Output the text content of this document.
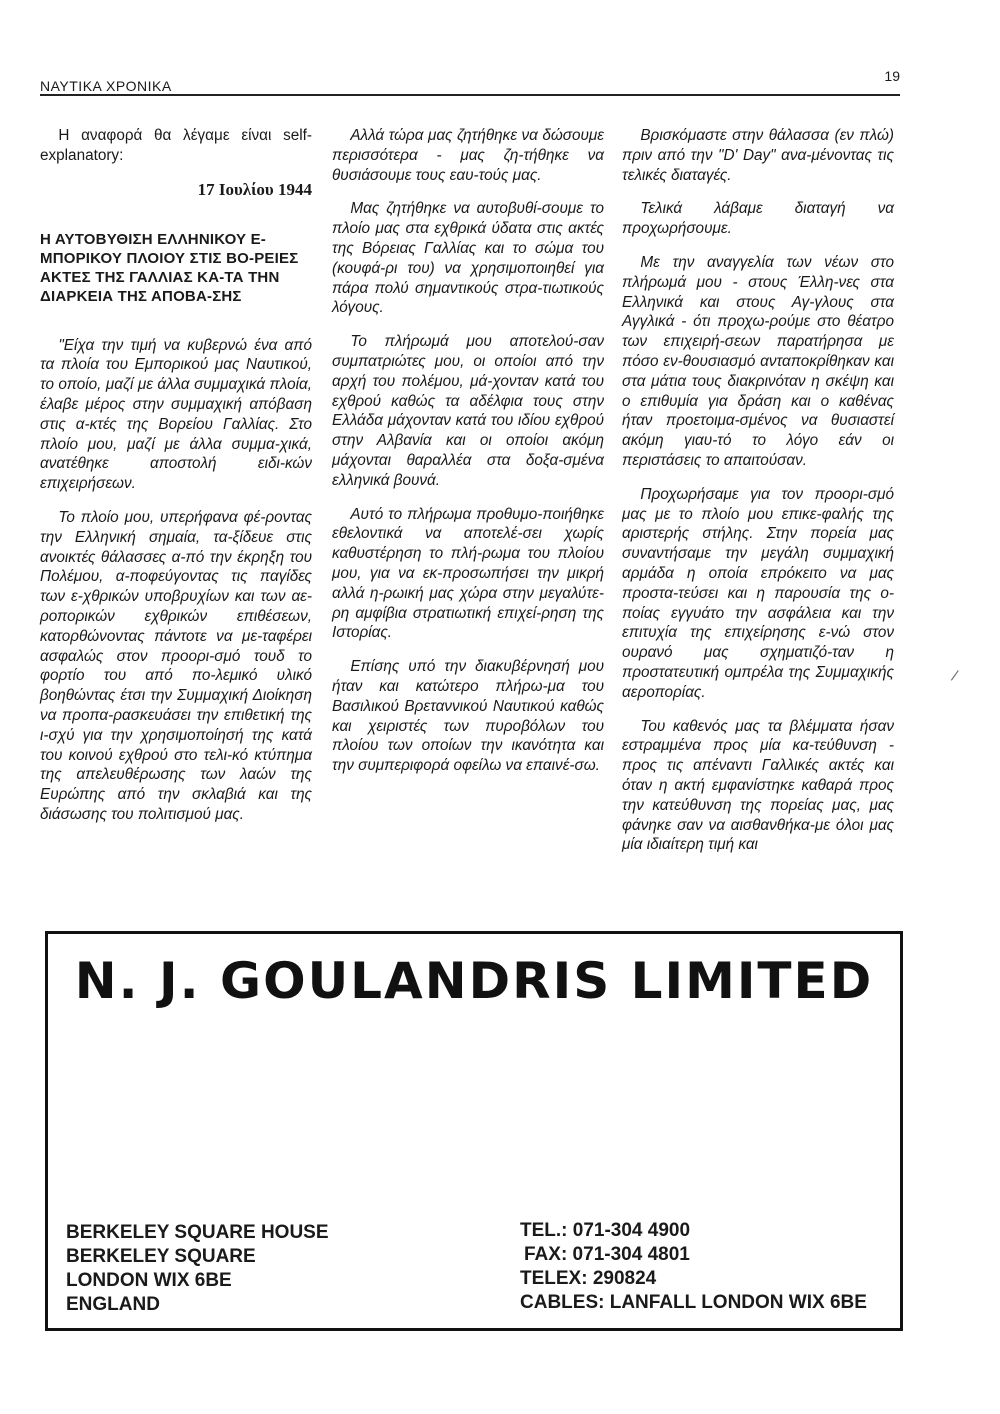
ΝΑΥΤΙΚΑ ΧΡΟΝΙΚΑ
19

Η αναφορά θα λέγαμε είναι self-explanatory:

17 Ιουλίου 1944
Η ΑΥΤΟΒΥΘΙΣΗ ΕΛΛΗΝΙΚΟΥ Ε-ΜΠΟΡΙΚΟΥ ΠΛΟΙΟΥ ΣΤΙΣ ΒΟ-ΡΕΙΕΣ ΑΚΤΕΣ ΤΗΣ ΓΑΛΛΙΑΣ ΚΑ-ΤΑ ΤΗΝ ΔΙΑΡΚΕΙΑ ΤΗΣ ΑΠΟΒΑ-ΣΗΣ

"Είχα την τιμή να κυβερνώ ένα από τα πλοία του Εμπορικού μας Ναυτικού, το οποίο, μαζί με άλλα συμμαχικά πλοία, έλαβε μέρος στην συμμαχική απόβαση στις α-κτές της Βορείου Γαλλίας. Στο πλοίο μου, μαζί με άλλα συμμα-χικά, ανατέθηκε αποστολή ειδι-κών επιχειρήσεων.

Το πλοίο μου, υπερήφανα φέ-ροντας την Ελληνική σημαία, τα-ξίδευε στις ανοικτές θάλασσες α-πό την έκρηξη του Πολέμου, α-ποφεύγοντας τις παγίδες των ε-χθρικών υποβρυχίων και των αε-ροπορικών εχθρικών επιθέσεων, κατορθώνοντας πάντοτε να με-ταφέρει ασφαλώς στον προορι-σμό τουδ το φορτίο του από πο-λεμικό υλικό βοηθώντας έτσι την Συμμαχική Διοίκηση να προπα-ρασκευάσει την επιθετική της ι-σχύ για την χρησιμοποίησή της κατά του κοινού εχθρού στο τελι-κό κτύπημα της απελευθέρωσης των λαών της Ευρώπης από την σκλαβιά και της διάσωσης του πολιτισμού μας.

Αλλά τώρα μας ζητήθηκε να δώσουμε περισσότερα - μας ζη-τήθηκε να θυσιάσουμε τους εαυ-τούς μας.

Μας ζητήθηκε να αυτοβυθί-σουμε το πλοίο μας στα εχθρικά ύδατα στις ακτές της Βόρειας Γαλλίας και το σώμα του (κουφά-ρι του) να χρησιμοποιηθεί για πάρα πολύ σημαντικούς στρα-τιωτικούς λόγους.

Το πλήρωμά μου αποτελού-σαν συμπατριώτες μου, οι οποίοι από την αρχή του πολέμου, μά-χονταν κατά του εχθρού καθώς τα αδέλφια τους στην Ελλάδα μάχονταν κατά του ιδίου εχθρού στην Αλβανία και οι οποίοι ακόμη μάχονται θαραλλέα στα δοξα-σμένα ελληνικά βουνά.

Αυτό το πλήρωμα προθυμο-ποιήθηκε εθελοντικά να αποτελέ-σει χωρίς καθυστέρηση το πλή-ρωμα του πλοίου μου, για να εκ-προσωπήσει την μικρή αλλά η-ρωική μας χώρα στην μεγαλύτε-ρη αμφίβια στρατιωτική επιχεί-ρηση της Ιστορίας.

Επίσης υπό την διακυβέρνησή μου ήταν και κατώτερο πλήρω-μα του Βασιλικού Βρεταννικού Ναυτικού καθώς και χειριστές των πυροβόλων του πλοίου των οποίων την ικανότητα και την συμπεριφορά οφείλω να επαινέ-σω.

Βρισκόμαστε στην θάλασσα (εν πλώ) πριν από την "D' Day" ανα-μένοντας τις τελικές διαταγές.

Τελικά λάβαμε διαταγή να προχωρήσουμε.

Με την αναγγελία των νέων στο πλήρωμά μου - στους Έλλη-νες στα Ελληνικά και στους Αγ-γλους στα Αγγλικά - ότι προχω-ρούμε στο θέατρο των επιχειρή-σεων παρατήρησα με πόσο εν-θουσιασμό ανταποκρίθηκαν και στα μάτια τους διακρινόταν η σκέψη και ο επιθυμία για δράση και ο καθένας ήταν προετοιμα-σμένος να θυσιαστεί ακόμη γιαυ-τό το λόγο εάν οι περιστάσεις το απαιτούσαν.

Προχωρήσαμε για τον προορι-σμό μας με το πλοίο μου επικε-φαλής της αριστερής στήλης. Στην πορεία μας συναντήσαμε την μεγάλη συμμαχική αρμάδα η οποία επρόκειτο να μας προστα-τεύσει και η παρουσία της ο-ποίας εγγυάτο την ασφάλεια και την επιτυχία της επιχείρησης ε-νώ στον ουρανό μας σχηματιζό-ταν η προστατευτική ομπρέλα της Συμμαχικής αεροπορίας.

Του καθενός μας τα βλέμματα ήσαν εστραμμένα προς μία κα-τεύθυνση - προς τις απέναντι Γαλλικές ακτές και όταν η ακτή εμφανίστηκε καθαρά προς την κατεύθυνση της πορείας μας, μας φάνηκε σαν να αισθανθήκα-με όλοι μας μία ιδιαίτερη τιμή και

/
N. J. GOULANDRIS LIMITED
BERKELEY SQUARE HOUSE
BERKELEY SQUARE
LONDON WIX 6BE
ENGLAND
TEL.: 071-304 4900
FAX: 071-304 4801
TELEX: 290824
CABLES: LANFALL LONDON WIX 6BE
